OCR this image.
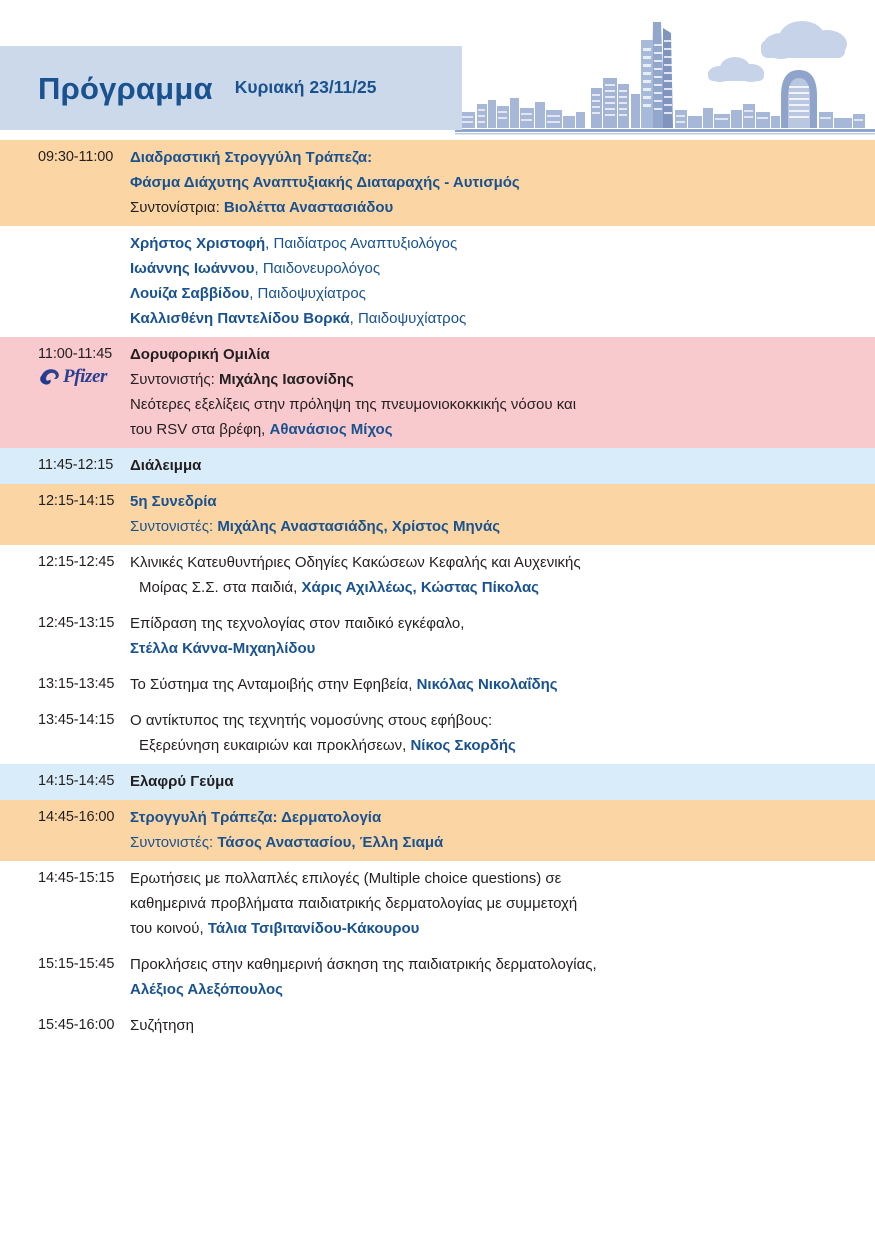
Πρόγραμμα Κυριακή 23/11/25
09:30-11:00	Διαδραστική Στρογγύλη Τράπεζα:
Φάσμα Διάχυτης Αναπτυξιακής Διαταραχής - Αυτισμός
Συντονίστρια: Βιολέττα Αναστασιάδου
Χρήστος Χριστοφή, Παιδίατρος Αναπτυξιολόγος
Ιωάννης Ιωάννου, Παιδονευρολόγος
Λουίζα Σαββίδου, Παιδοψυχίατρος
Καλλισθένη Παντελίδου Βορκά, Παιδοψυχίατρος
11:00-11:45	Δορυφορική Ομιλία
Συντονιστής: Μιχάλης Ιασονίδης
Νεότερες εξελίξεις στην πρόληψη της πνευμονιοκοκκικής νόσου και
του RSV στα βρέφη, Αθανάσιος Μίχος
Pfizer
11:45-12:15	Διάλειμμα
12:15-14:15	5η Συνεδρία
Συντονιστές: Μιχάλης Αναστασιάδης, Χρίστος Μηνάς
12:15-12:45	Κλινικές Κατευθυντήριες Οδηγίες Κακώσεων Κεφαλής και Αυχενικής
Μοίρας Σ.Σ. στα παιδιά, Χάρις Αχιλλέως, Κώστας Πίκολας
12:45-13:15	Επίδραση της τεχνολογίας στον παιδικό εγκέφαλο,
Στέλλα Κάννα-Μιχαηλίδου
13:15-13:45	Το Σύστημα της Ανταμοιβής στην Εφηβεία, Νικόλας Νικολαΐδης
13:45-14:15	Ο αντίκτυπος της τεχνητής νομοσύνης στους εφήβους:
Εξερεύνηση ευκαιριών και προκλήσεων, Νίκος Σκορδής
14:15-14:45	Ελαφρύ Γεύμα
14:45-16:00	Στρογγυλή Τράπεζα: Δερματολογία
Συντονιστές: Τάσος Αναστασίου, Έλλη Σιαμά
14:45-15:15	Ερωτήσεις με πολλαπλές επιλογές (Multiple choice questions) σε
καθημερινά προβλήματα παιδιατρικής δερματολογίας με συμμετοχή
του κοινού, Τάλια Τσιβιτανίδου-Κάκουρου
15:15-15:45	Προκλήσεις στην καθημερινή άσκηση της παιδιατρικής δερματολογίας,
Αλέξιος Αλεξόπουλος
15:45-16:00	Συζήτηση
